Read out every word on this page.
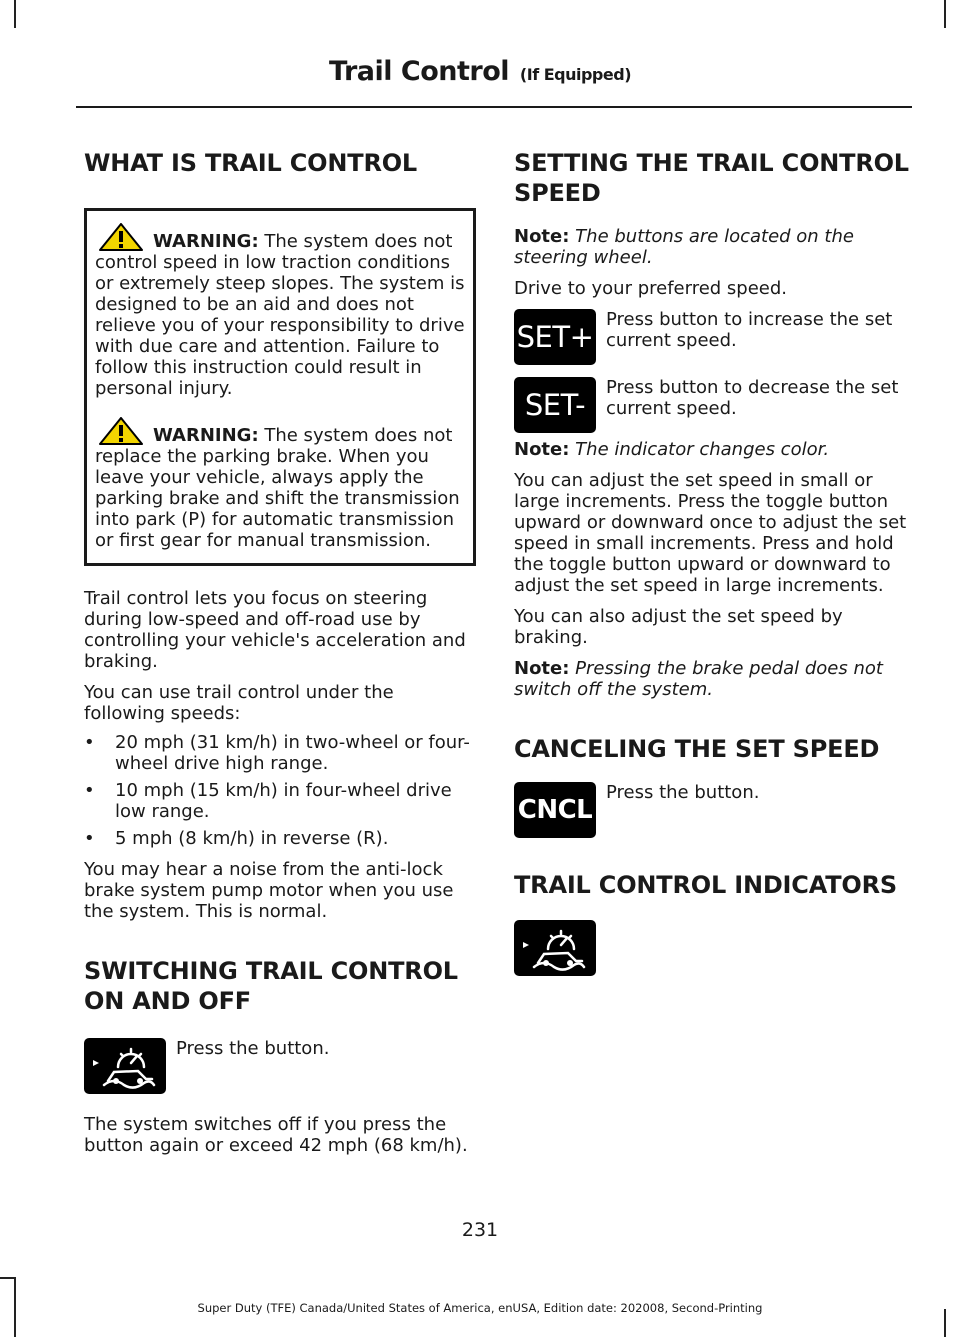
Trail Control (If Equipped)
WHAT IS TRAIL CONTROL
WARNING: The system does not control speed in low traction conditions or extremely steep slopes. The system is designed to be an aid and does not relieve you of your responsibility to drive with due care and attention. Failure to follow this instruction could result in personal injury.
WARNING: The system does not replace the parking brake. When you leave your vehicle, always apply the parking brake and shift the transmission into park (P) for automatic transmission or first gear for manual transmission.

Trail control lets you focus on steering during low-speed and off-road use by controlling your vehicle's acceleration and braking.

You can use trail control under the following speeds:

• 20 mph (31 km/h) in two-wheel or four-wheel drive high range.
• 10 mph (15 km/h) in four-wheel drive low range.
• 5 mph (8 km/h) in reverse (R).

You may hear a noise from the anti-lock brake system pump motor when you use the system. This is normal.

SWITCHING TRAIL CONTROL ON AND OFF

Press the button.

The system switches off if you press the button again or exceed 42 mph (68 km/h).

SETTING THE TRAIL CONTROL SPEED

Note: The buttons are located on the steering wheel.

Drive to your preferred speed.

SET+

Press button to increase the set current speed.

SET-

Press button to decrease the set current speed.

Note: The indicator changes color.

You can adjust the set speed in small or large increments. Press the toggle button upward or downward once to adjust the set speed in small increments. Press and hold the toggle button upward or downward to adjust the set speed in large increments.

You can also adjust the set speed by braking.

Note: Pressing the brake pedal does not switch off the system.

CANCELING THE SET SPEED
CNCL

Press the button.

TRAIL CONTROL INDICATORS
231
Super Duty (TFE) Canada/United States of America, enUSA, Edition date: 202008, Second-Printing
